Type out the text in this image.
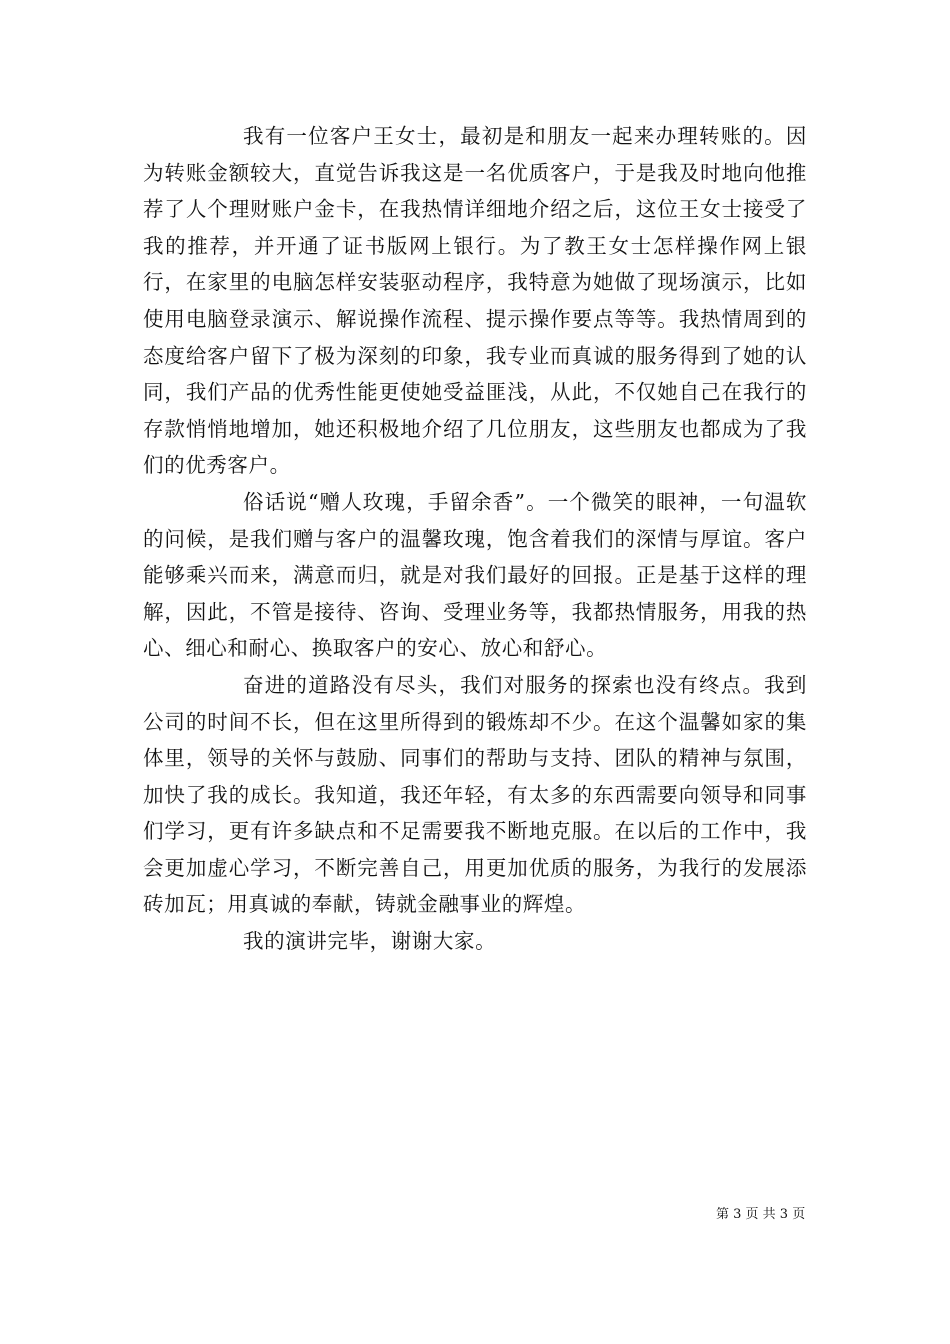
我有一位客户王女士，最初是和朋友一起来办理转账的。因为转账金额较大，直觉告诉我这是一名优质客户，于是我及时地向他推荐了人个理财账户金卡，在我热情详细地介绍之后，这位王女士接受了我的推荐，并开通了证书版网上银行。为了教王女士怎样操作网上银行，在家里的电脑怎样安装驱动程序，我特意为她做了现场演示，比如使用电脑登录演示、解说操作流程、提示操作要点等等。我热情周到的态度给客户留下了极为深刻的印象，我专业而真诚的服务得到了她的认同，我们产品的优秀性能更使她受益匪浅，从此，不仅她自己在我行的存款悄悄地增加，她还积极地介绍了几位朋友，这些朋友也都成为了我们的优秀客户。

俗话说“赠人玫瑰，手留余香”。一个微笑的眼神，一句温软的问候，是我们赠与客户的温馨玫瑰，饱含着我们的深情与厚谊。客户能够乘兴而来，满意而归，就是对我们最好的回报。正是基于这样的理解，因此，不管是接待、咨询、受理业务等，我都热情服务，用我的热心、细心和耐心、换取客户的安心、放心和舒心。

奋进的道路没有尽头，我们对服务的探索也没有终点。我到公司的时间不长，但在这里所得到的锻炼却不少。在这个温馨如家的集体里，领导的关怀与鼓励、同事们的帮助与支持、团队的精神与氛围，加快了我的成长。我知道，我还年轻，有太多的东西需要向领导和同事们学习，更有许多缺点和不足需要我不断地克服。在以后的工作中，我会更加虚心学习，不断完善自己，用更加优质的服务，为我行的发展添砖加瓦；用真诚的奉献，铸就金融事业的辉煌。

我的演讲完毕，谢谢大家。

第 3 页 共 3 页
